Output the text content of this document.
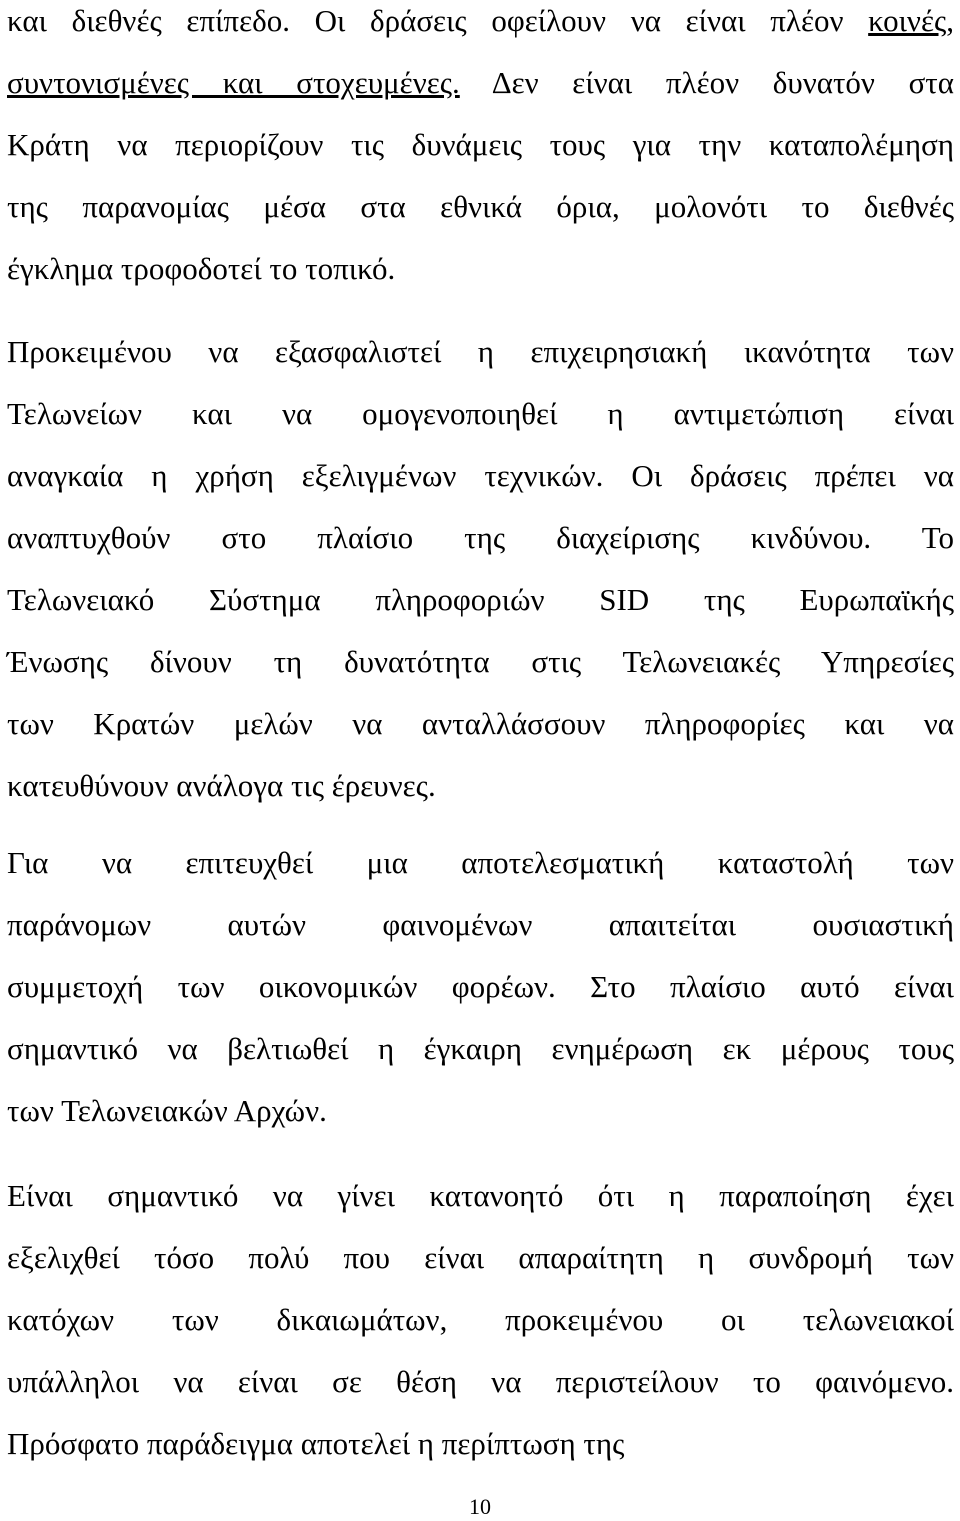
και διεθνές επίπεδο. Οι δράσεις οφείλουν να είναι πλέον κοινές,
συντονισμένες και στοχευμένες. Δεν είναι πλέον δυνατόν στα
Κράτη να περιορίζουν τις δυνάμεις τους για την καταπολέμηση
της παρανομίας μέσα στα εθνικά όρια, μολονότι το διεθνές
έγκλημα τροφοδοτεί το τοπικό.
Προκειμένου να εξασφαλιστεί η επιχειρησιακή ικανότητα των
Τελωνείων και να ομογενοποιηθεί η αντιμετώπιση είναι
αναγκαία η χρήση εξελιγμένων τεχνικών. Οι δράσεις πρέπει να
αναπτυχθούν στο πλαίσιο της διαχείρισης κινδύνου. Το
Τελωνειακό Σύστημα πληροφοριών SID της Ευρωπαϊκής
Ένωσης δίνουν τη δυνατότητα στις Τελωνειακές Υπηρεσίες
των Κρατών μελών να ανταλλάσσουν πληροφορίες και να
κατευθύνουν ανάλογα τις έρευνες.
Για να επιτευχθεί μια αποτελεσματική καταστολή των
παράνομων αυτών φαινομένων απαιτείται ουσιαστική
συμμετοχή των οικονομικών φορέων. Στο πλαίσιο αυτό είναι
σημαντικό να βελτιωθεί η έγκαιρη ενημέρωση εκ μέρους τους
των Τελωνειακών Αρχών.
Είναι σημαντικό να γίνει κατανοητό ότι η παραποίηση έχει
εξελιχθεί τόσο πολύ που είναι απαραίτητη η συνδρομή των
κατόχων των δικαιωμάτων, προκειμένου οι τελωνειακοί
υπάλληλοι να είναι σε θέση να περιστείλουν το φαινόμενο.
Πρόσφατο παράδειγμα αποτελεί η περίπτωση της
10
